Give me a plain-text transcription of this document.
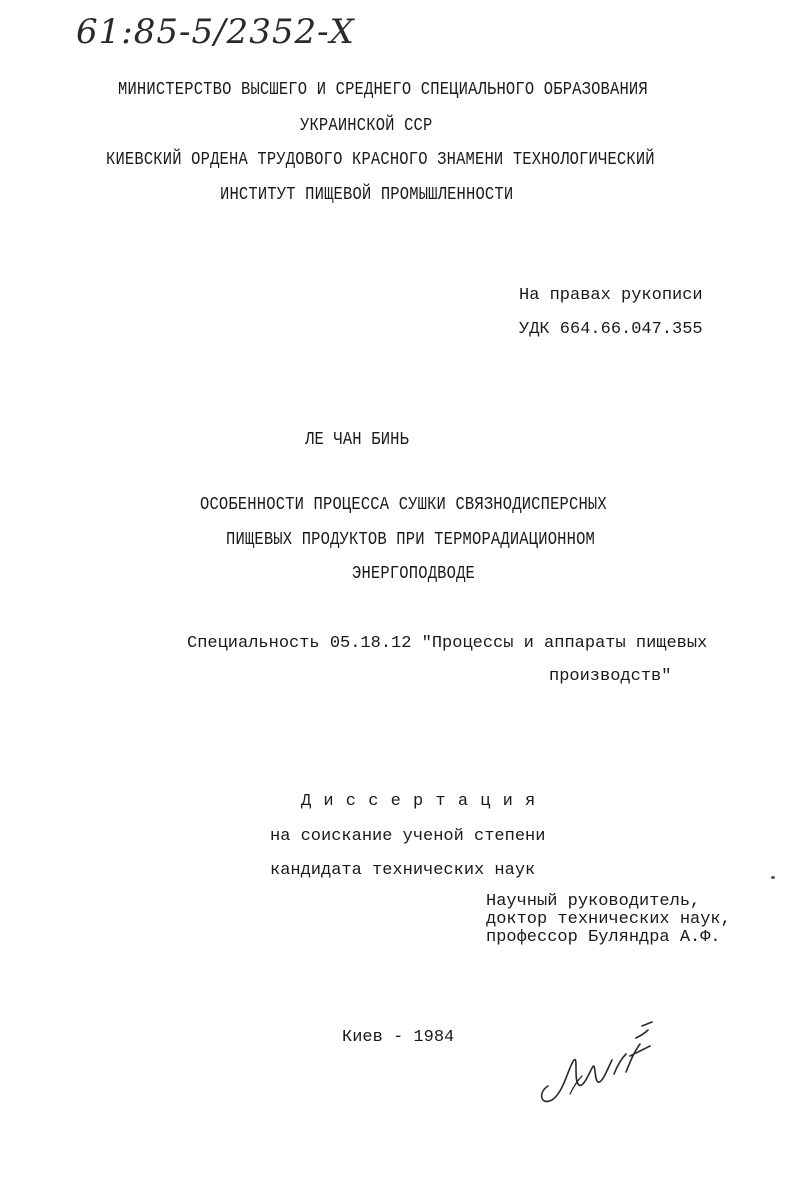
61:85-5/2352-Х
МИНИСТЕРСТВО ВЫСШЕГО И СРЕДНЕГО СПЕЦИАЛЬНОГО ОБРАЗОВАНИЯ
УКРАИНСКОЙ ССР
КИЕВСКИЙ ОРДЕНА ТРУДОВОГО КРАСНОГО ЗНАМЕНИ ТЕХНОЛОГИЧЕСКИЙ
ИНСТИТУТ ПИЩЕВОЙ ПРОМЫШЛЕННОСТИ
На правах рукописи
УДК 664.66.047.355
ЛЕ ЧАН БИНЬ
ОСОБЕННОСТИ ПРОЦЕССА СУШКИ СВЯЗНОДИСПЕРСНЫХ
ПИЩЕВЫХ ПРОДУКТОВ ПРИ ТЕРМОРАДИАЦИОННОМ
ЭНЕРГОПОДВОДЕ
Специальность 05.18.12 "Процессы и аппараты пищевых
производств"
Д и с с е р т а ц и я
на соискание ученой степени
кандидата технических наук
Научный руководитель,
доктор технических наук,
профессор Буляндра А.Ф.
Киев - 1984
